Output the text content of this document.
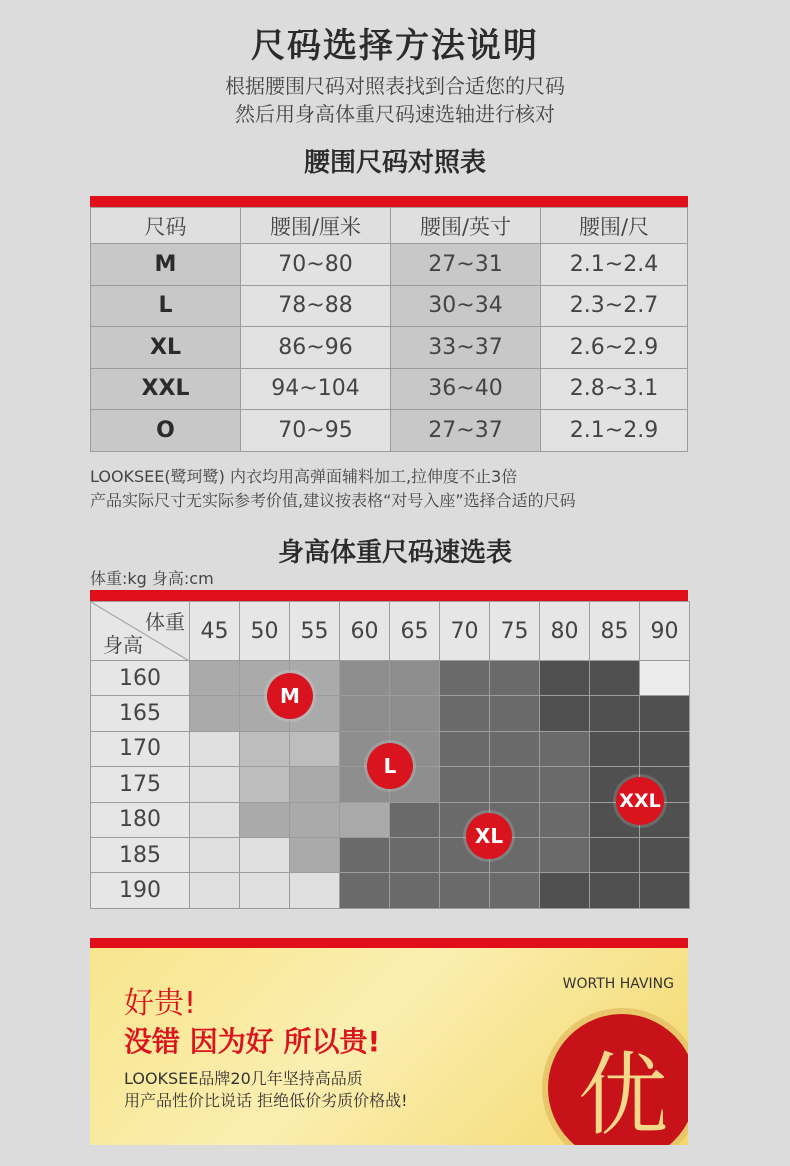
尺码选择方法说明
根据腰围尺码对照表找到合适您的尺码
然后用身高体重尺码速选轴进行核对
腰围尺码对照表
尺码	腰围/厘米	腰围/英寸	腰围/尺
M	70~80	27~31	2.1~2.4
L	78~88	30~34	2.3~2.7
XL	86~96	33~37	2.6~2.9
XXL	94~104	36~40	2.8~3.1
O	70~95	27~37	2.1~2.9
LOOKSEE(鹭珂鹭) 内衣均用高弹面辅料加工,拉伸度不止3倍
产品实际尺寸无实际参考价值,建议按表格“对号入座”选择合适的尺码
身高体重尺码速选表
体重:kg 身高:cm
体重
身高
45	50	55	60	65	70	75	80	85	90
160
165
170
175
180
185
190
M
L
XL
XXL
好贵!
没错 因为好 所以贵!
LOOKSEE品牌20几年坚持高品质
用产品性价比说话 拒绝低价劣质价格战!
WORTH HAVING
优
